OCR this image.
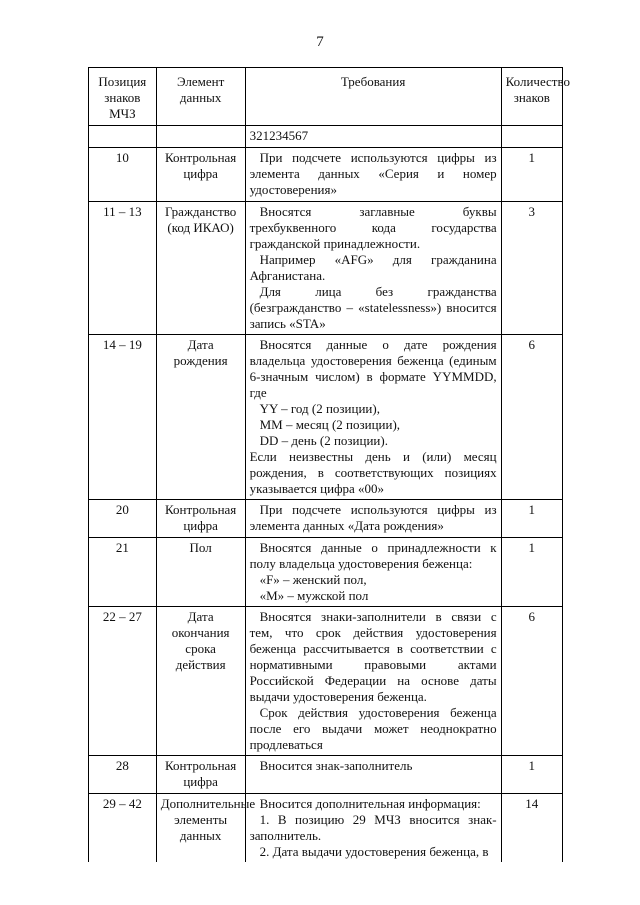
7
Позиция знаков МЧЗ	Элемент данных	Требования	Количество знаков

		321234567	

10	Контрольная цифра	При подсчете используются цифры из элемента данных «Серия и номер удостоверения»	1
11 – 13	Гражданство (код ИКАО)	Вносятся заглавные буквы трехбуквенного кода государства гражданской принадлежности.
Например «AFG» для гражданина Афганистана.
Для лица без гражданства (безгражданство – «statelessness») вносится запись «STA»	3
14 – 19	Дата рождения	Вносятся данные о дате рождения владельца удостоверения беженца (единым 6-значным числом) в формате YYMMDD, где
YY – год (2 позиции),
MM – месяц (2 позиции),
DD – день (2 позиции).
Если неизвестны день и (или) месяц рождения, в соответствующих позициях указывается цифра «00»	6
20	Контрольная цифра	При подсчете используются цифры из элемента данных «Дата рождения»	1
21	Пол	Вносятся данные о принадлежности к полу владельца удостоверения беженца:
«F» – женский пол,
«M» – мужской пол	1
22 – 27	Дата окончания срока действия	Вносятся знаки-заполнители в связи с тем, что срок действия удостоверения беженца рассчитывается в соответствии с нормативными правовыми актами Российской Федерации на основе даты выдачи удостоверения беженца.
Срок действия удостоверения беженца после его выдачи может неоднократно продлеваться	6
28	Контрольная цифра	Вносится знак-заполнитель	1
29 – 42	Дополнительные элементы данных	Вносится дополнительная информация:
1. В позицию 29 МЧЗ вносится знак-заполнитель.
2. Дата выдачи удостоверения беженца, в	14
